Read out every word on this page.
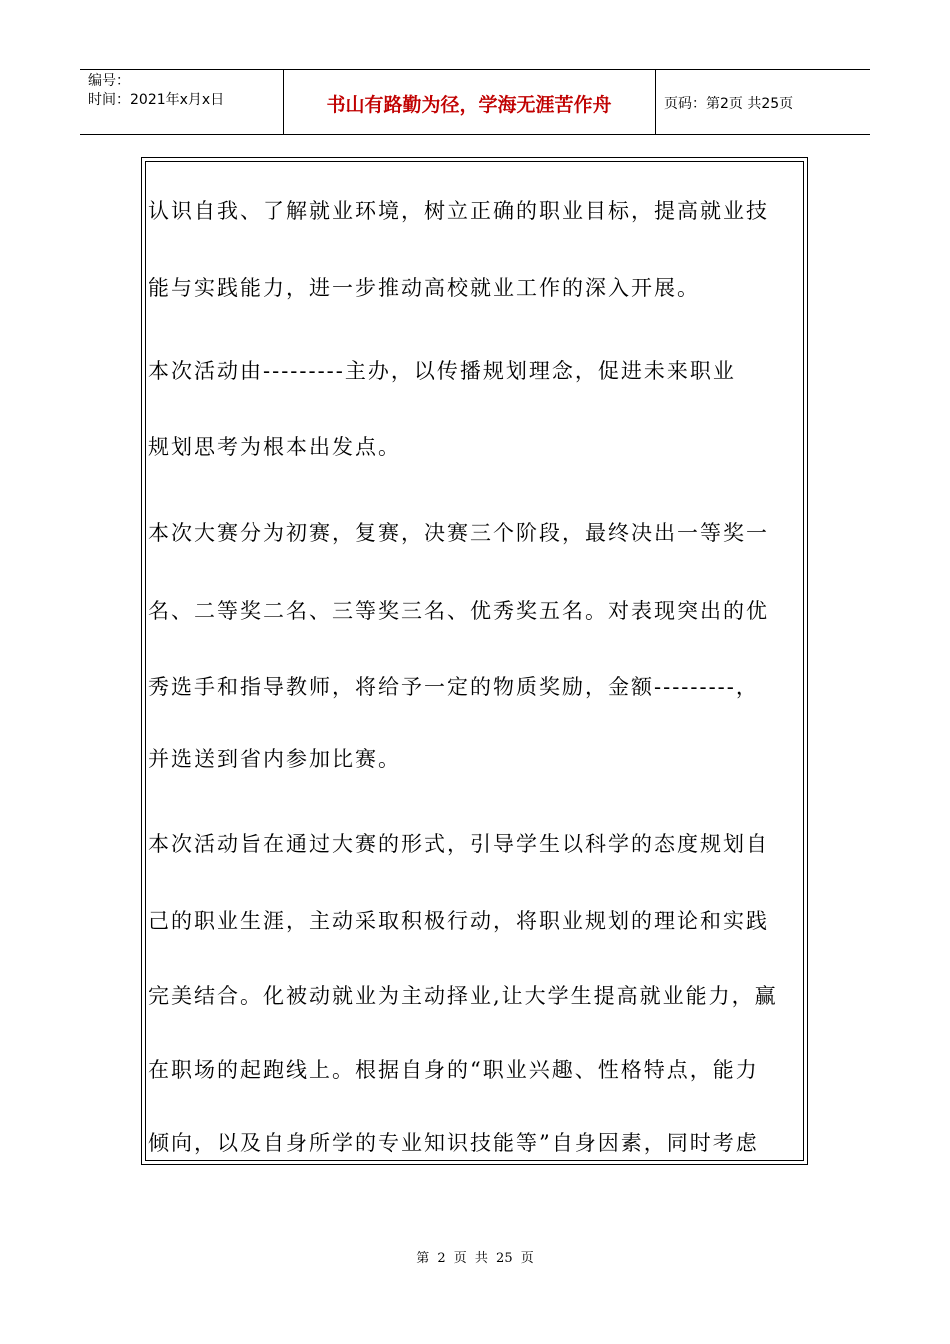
编号：
时间：2021年x月x日	书山有路勤为径，学海无涯苦作舟	页码：第2页 共25页
认识自我、了解就业环境，树立正确的职业目标，提高就业技
能与实践能力，进一步推动高校就业工作的深入开展。
本次活动由---------主办，以传播规划理念，促进未来职业
规划思考为根本出发点。
本次大赛分为初赛，复赛，决赛三个阶段，最终决出一等奖一
名、二等奖二名、三等奖三名、优秀奖五名。对表现突出的优
秀选手和指导教师，将给予一定的物质奖励，金额---------，
并选送到省内参加比赛。
本次活动旨在通过大赛的形式，引导学生以科学的态度规划自
己的职业生涯，主动采取积极行动，将职业规划的理论和实践
完美结合。化被动就业为主动择业,让大学生提高就业能力，赢
在职场的起跑线上。根据自身的“职业兴趣、性格特点，能力
倾向，以及自身所学的专业知识技能等”自身因素，同时考虑
第 2 页 共 25 页
